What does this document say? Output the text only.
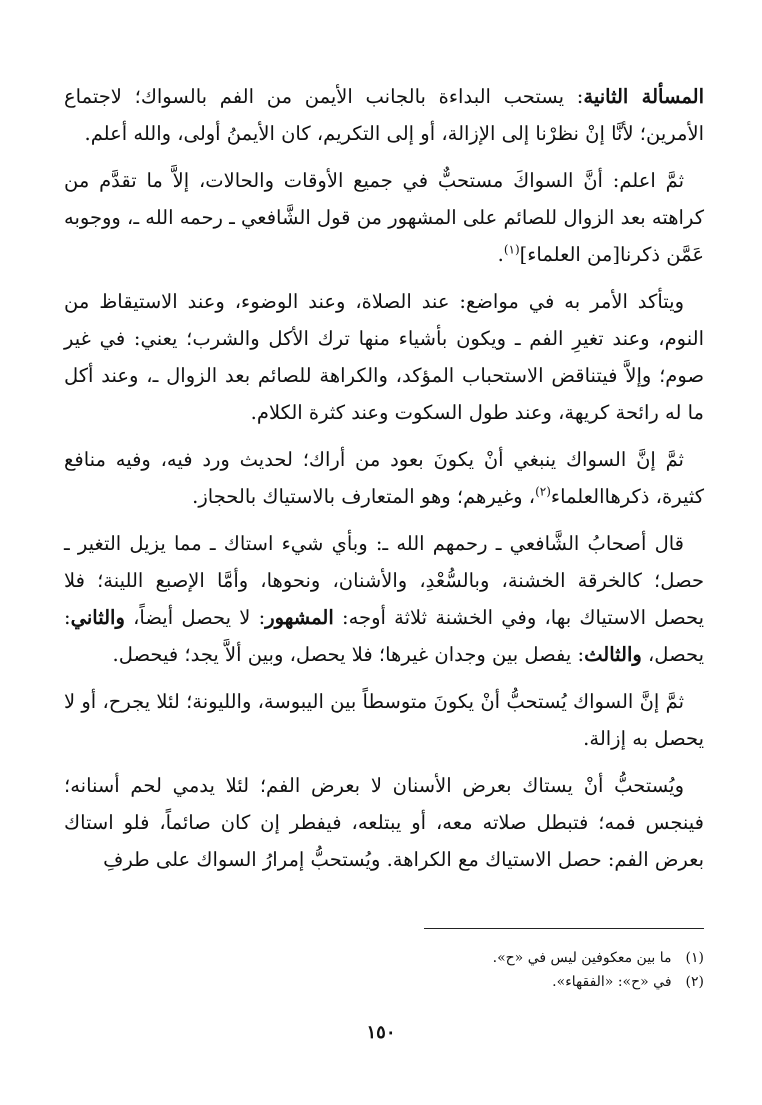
المسألة الثانية: يستحب البداءة بالجانب الأيمن من الفم بالسواك؛ لاجتماع الأمرين؛ لأنَّا إنْ نظرْنا إلى الإزالة، أو إلى التكريم، كان الأيمنُ أولى، والله أعلم.

ثمَّ اعلم: أنَّ السواكَ مستحبٌّ في جميع الأوقات والحالات، إلاَّ ما تقدَّم من كراهته بعد الزوال للصائم على المشهور من قول الشَّافعي ـ رحمه الله ـ، ووجوبه عَمَّن ذكرنا[من العلماء]$^{(١)}$.

ويتأكد الأمر به في مواضع: عند الصلاة، وعند الوضوء، وعند الاستيقاظ من النوم، وعند تغيرِ الفم ـ ويكون بأشياء منها ترك الأكل والشرب؛ يعني: في غير صوم؛ وإلاَّ فيتناقض الاستحباب المؤكد، والكراهة للصائم بعد الزوال ـ، وعند أكل ما له رائحة كريهة، وعند طول السكوت وعند كثرة الكلام.

ثمَّ إنَّ السواك ينبغي أنْ يكونَ بعود من أراك؛ لحديث ورد فيه، وفيه منافع كثيرة، ذكرهاالعلماء$^{(٢)}$، وغيرهم؛ وهو المتعارف بالاستياك بالحجاز.

قال أصحابُ الشَّافعي ـ رحمهم الله ـ: وبأي شيء استاك ـ مما يزيل التغير ـ حصل؛ كالخرقة الخشنة، وبالسُّعْدِ، والأشنان، ونحوها، وأمَّا الإصبع اللينة؛ فلا يحصل الاستياك بها، وفي الخشنة ثلاثة أوجه: المشهور: لا يحصل أيضاً، والثاني: يحصل، والثالث: يفصل بين وجدان غيرها؛ فلا يحصل، وبين ألاَّ يجد؛ فيحصل.

ثمَّ إنَّ السواك يُستحبُّ أنْ يكونَ متوسطاً بين اليبوسة، والليونة؛ لئلا يجرح، أو لا يحصل به إزالة.

ويُستحبُّ أنْ يستاك بعرض الأسنان لا بعرض الفم؛ لئلا يدمي لحم أسنانه؛ فينجس فمه؛ فتبطل صلاته معه، أو يبتلعه، فيفطر إن كان صائماً، فلو استاك بعرض الفم: حصل الاستياك مع الكراهة. ويُستحبُّ إمرارُ السواك على طرفِ

(١)ما بين معكوفين ليس في «ح».

(٢)في «ح»: «الفقهاء».

١٥٠
